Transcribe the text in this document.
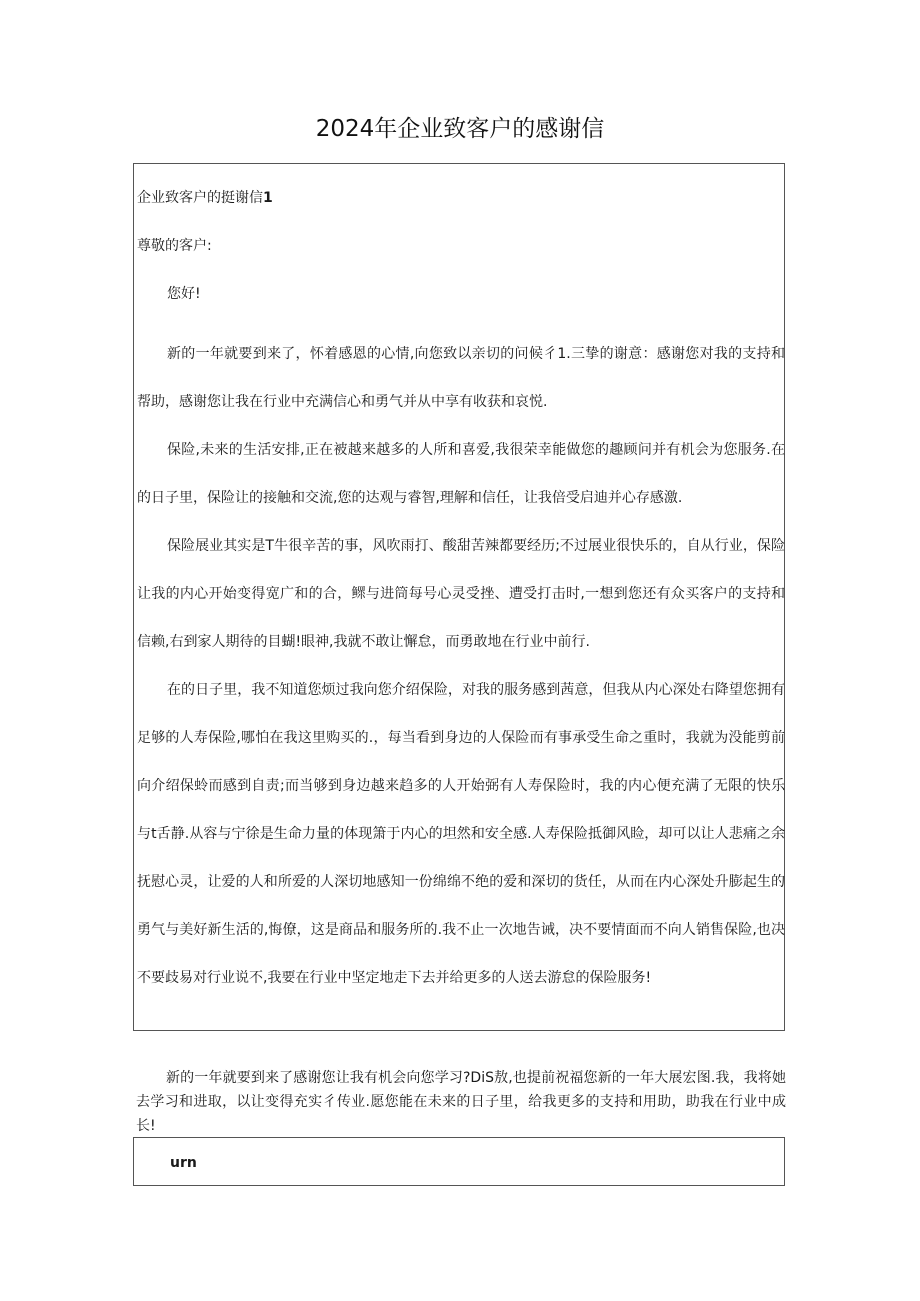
2024年企业致客户的感谢信
企业致客户的挺谢信1
尊敬的客户:
您好!

新的一年就要到来了，怀着感恩的心情,向您致以亲切的问候彳1.三挚的谢意：感谢您对我的支持和帮助，感谢您让我在行业中充满信心和勇气并从中享有收获和哀悦.

保险,未来的生活安排,正在被越来越多的人所和喜爱,我很荣幸能做您的趣顾问并有机会为您服务.在的日子里，保险让的接触和交流,您的达观与睿智,理解和信任，让我倍受启迪并心存感激.

保险展业其实是T牛很辛苦的事，风吹雨打、酸甜苦辣都要经历;不过展业很快乐的，自从行业，保险让我的内心开始变得宽广和的合，鳏与进筒每号心灵受挫、遭受打击时,一想到您还有众买客户的支持和信赖,右到家人期待的目蝴!眼神,我就不敢让懈怠，而勇敢地在行业中前行.

在的日子里，我不知道您烦过我向您介绍保险，对我的服务感到茜意，但我从内心深处右降望您拥有足够的人寿保险,哪怕在我这里购买的.，每当看到身边的人保险而有事承受生命之重时，我就为没能剪前向介绍保蛉而感到自责;而当够到身边越来趋多的人开始弼有人寿保险时，我的内心便充满了无限的快乐与t舌静.从容与宁徐是生命力量的体现箫于内心的坦然和安全感.人寿保险抵御风睑，却可以让人悲痛之余抚慰心灵，让爱的人和所爱的人深切地感知一份绵绵不绝的爱和深切的货任，从而在内心深处升膨起生的勇气与美好新生活的,悔僚，这是商品和服务所的.我不止一次地告诫，决不要情面而不向人销售保险,也决不要歧易对行业说不,我要在行业中坚定地走下去并给更多的人送去游怠的保险服务!

新的一年就要到来了感谢您让我有机会向您学习?DiS敖,也提前祝福您新的一年大展宏图.我，我将她去学习和进取，以让变得充实彳传业.愿您能在未来的日子里，给我更多的支持和用助，助我在行业中成长!

urn
